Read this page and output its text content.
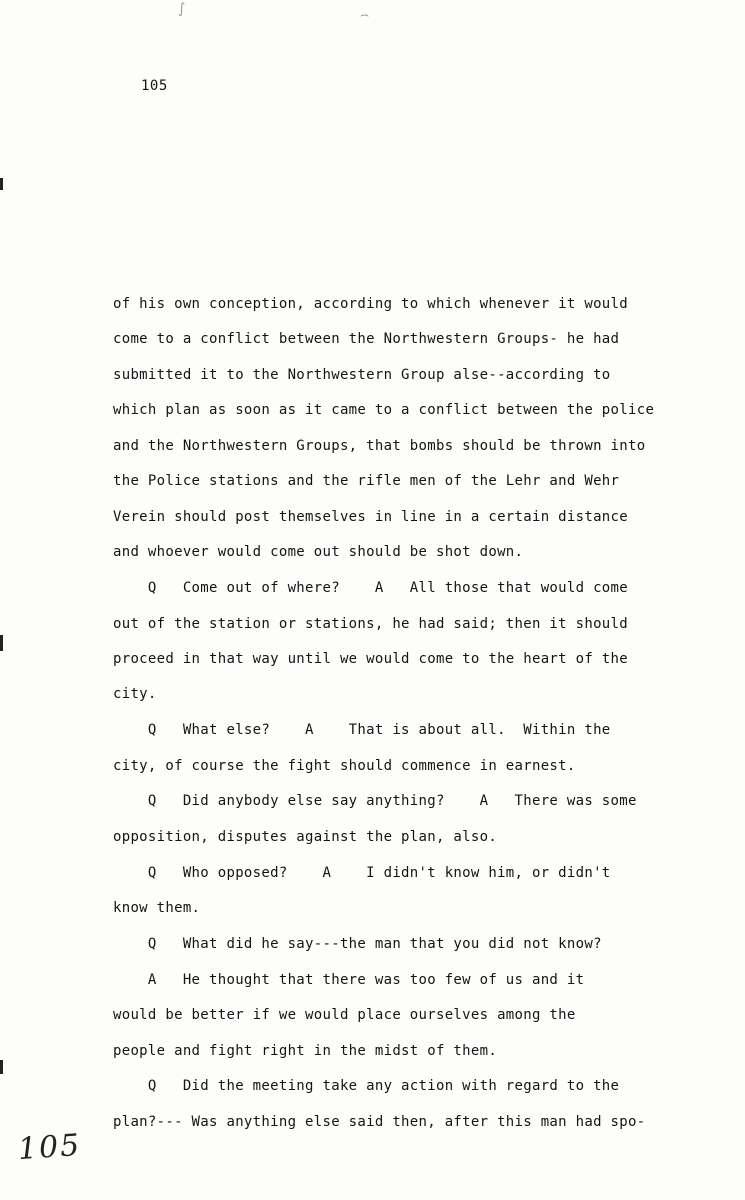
∫	⌢
105
of his own conception, according to which whenever it would
come to a conflict between the Northwestern Groups- he had
submitted it to the Northwestern Group alse--according to
which plan as soon as it came to a conflict between the police
and the Northwestern Groups, that bombs should be thrown into
the Police stations and the rifle men of the Lehr and Wehr
Verein should post themselves in line in a certain distance
and whoever would come out should be shot down.
Q   Come out of where?    A   All those that would come
out of the station or stations, he had said; then it should
proceed in that way until we would come to the heart of the
city.
Q   What else?    A    That is about all.  Within the
city, of course the fight should commence in earnest.
Q   Did anybody else say anything?    A   There was some
opposition, disputes against the plan, also.
Q   Who opposed?    A    I didn't know him, or didn't
know them.
Q   What did he say---the man that you did not know?
A   He thought that there was too few of us and it
would be better if we would place ourselves among the
people and fight right in the midst of them.
Q   Did the meeting take any action with regard to the
plan?--- Was anything else said then, after this man had spo-
105
